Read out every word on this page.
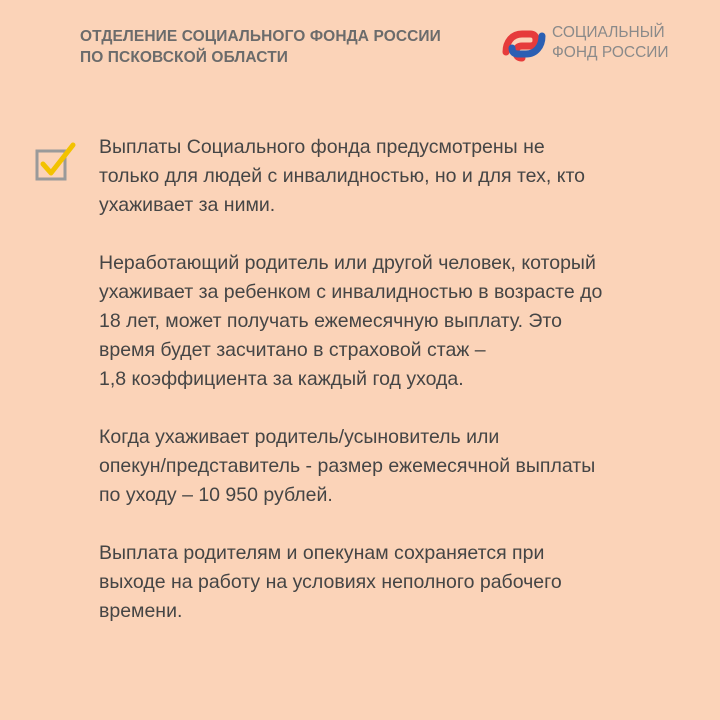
ОТДЕЛЕНИЕ СОЦИАЛЬНОГО ФОНДА РОССИИ
ПО ПСКОВСКОЙ ОБЛАСТИ
СОЦИАЛЬНЫЙ
ФОНД РОССИИ

Выплаты Социального фонда предусмотрены не
только для людей с инвалидностью, но и для тех, кто
ухаживает за ними.

Неработающий родитель или другой человек, который
ухаживает за ребенком с инвалидностью в возрасте до
18 лет, может получать ежемесячную выплату. Это
время будет засчитано в страховой стаж –
1,8 коэффициента за каждый год ухода.

Когда ухаживает родитель/усыновитель или
опекун/представитель - размер ежемесячной выплаты
по уходу – 10 950 рублей.

Выплата родителям и опекунам сохраняется при
выходе на работу на условиях неполного рабочего
времени.
